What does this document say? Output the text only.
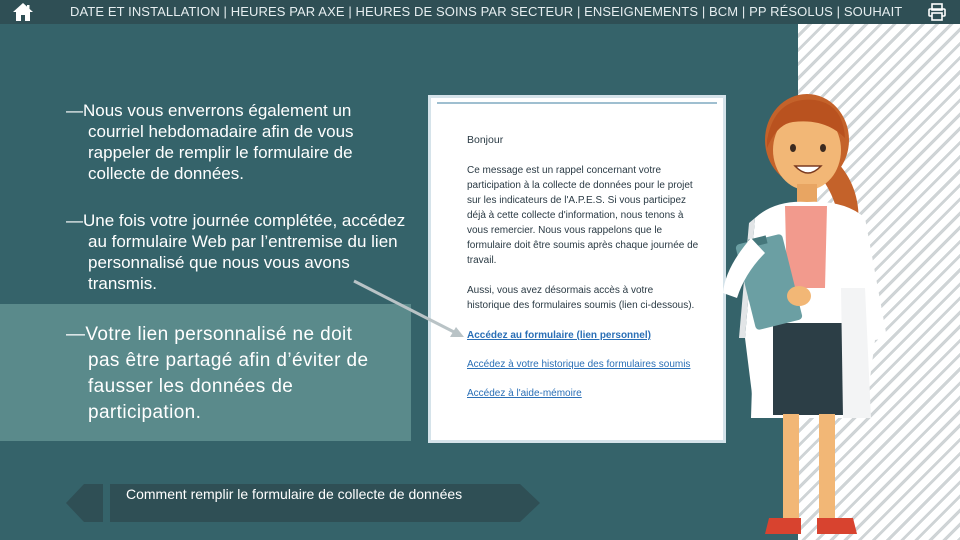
DATE ET INSTALLATION | HEURES PAR AXE | HEURES DE SOINS PAR SECTEUR | ENSEIGNEMENTS | BCM | PP RÉSOLUS | SOUHAIT

—Nous vous enverrons également un courriel hebdomadaire afin de vous rappeler de remplir le formulaire de collecte de données.

—Une fois votre journée complétée, accédez au formulaire Web par l’entremise du lien personnalisé que nous vous avons transmis.

—Votre lien personnalisé ne doit pas être partagé afin d’éviter de fausser les données de participation.

Bonjour

Ce message est un rappel concernant votre participation à la collecte de données pour le projet sur les indicateurs de l'A.P.E.S. Si vous participez déjà à cette collecte d'information, nous tenons à vous remercier. Nous vous rappelons que le formulaire doit être soumis après chaque journée de travail.

Aussi, vous avez désormais accès à votre historique des formulaires soumis (lien ci-dessous).

Accédez au formulaire (lien personnel)
Accédez à votre historique des formulaires soumis
Accédez à l'aide-mémoire
Comment remplir le formulaire de collecte de données
